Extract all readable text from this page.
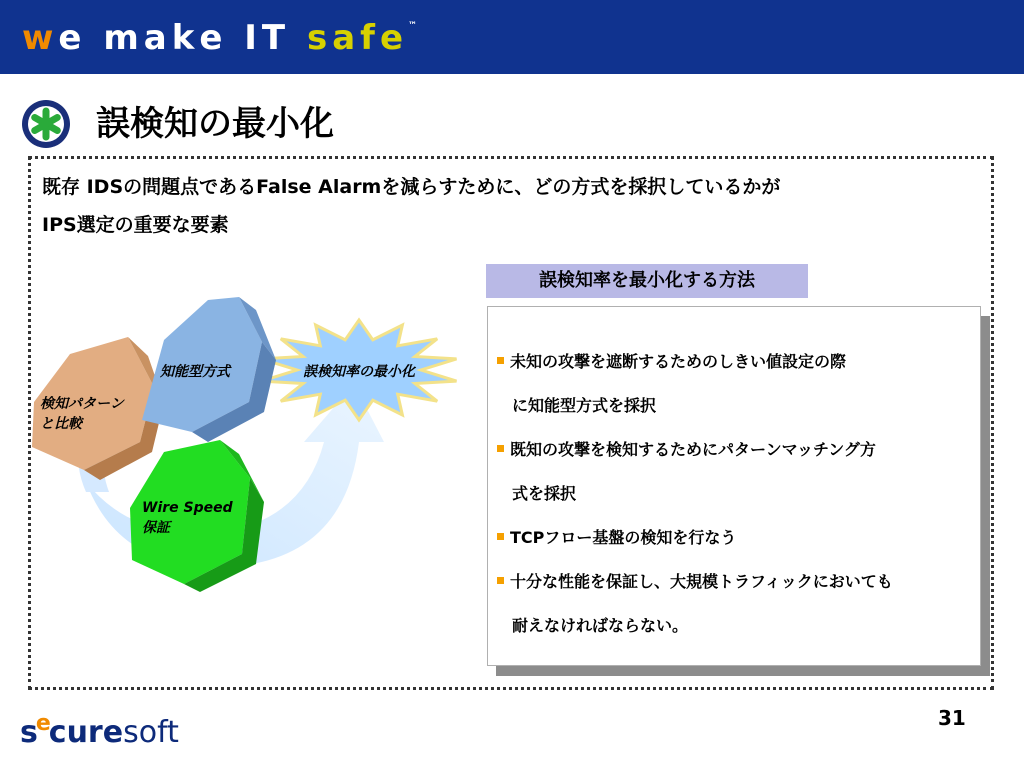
w e
m a k e
I T
s a f e ™
誤検知の最小化
既存 IDSの問題点であるFalse Alarmを減らすために、どの方式を採択しているかが
IPS選定の重要な要素
誤検知率の最小化
検知パターン と比較
知能型方式
Wire Speed 保証
誤検知率を最小化する方法
未知の攻撃を遮断するためのしきい値設定の際
に知能型方式を採択
既知の攻撃を検知するためにパターンマッチング方
式を採択
TCPフロー基盤の検知を行なう
十分な性能を保証し、大規模トラフィックにおいても
耐えなければならない。
s
e
cure soft	31
